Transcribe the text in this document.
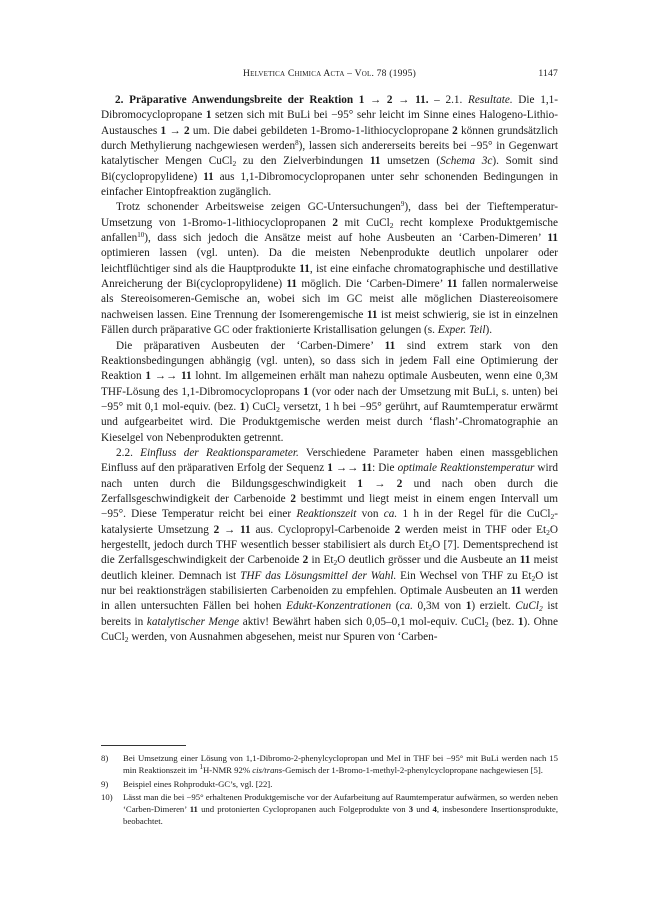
Helvetica Chimica Acta – Vol. 78 (1995)	1147

2. Präparative Anwendungsbreite der Reaktion 1 → 2 → 11. – 2.1. Resultate. Die 1,1-Dibromocyclopropane 1 setzen sich mit BuLi bei −95° sehr leicht im Sinne eines Halogeno-Lithio-Austausches 1 → 2 um. Die dabei gebildeten 1-Bromo-1-lithiocyclopropane 2 können grundsätzlich durch Methylierung nachgewiesen werden$^8$), lassen sich andererseits bereits bei −95° in Gegenwart katalytischer Mengen CuCl$_2$ zu den Zielverbindungen 11 umsetzen (Schema 3c). Somit sind Bi(cyclopropylidene) 11 aus 1,1-Dibromocyclopropanen unter sehr schonenden Bedingungen in einfacher Eintopfreaktion zugänglich.

Trotz schonender Arbeitsweise zeigen GC-Untersuchungen$^9$), dass bei der Tieftemperatur-Umsetzung von 1-Bromo-1-lithiocyclopropanen 2 mit CuCl$_2$ recht komplexe Produktgemische anfallen$^{10}$), dass sich jedoch die Ansätze meist auf hohe Ausbeuten an ‘Carben-Dimeren’ 11 optimieren lassen (vgl. unten). Da die meisten Nebenprodukte deutlich unpolarer oder leichtflüchtiger sind als die Hauptprodukte 11, ist eine einfache chromatographische und destillative Anreicherung der Bi(cyclopropylidene) 11 möglich. Die ‘Carben-Dimere’ 11 fallen normalerweise als Stereoisomeren-Gemische an, wobei sich im GC meist alle möglichen Diastereoisomere nachweisen lassen. Eine Trennung der Isomerengemische 11 ist meist schwierig, sie ist in einzelnen Fällen durch präparative GC oder fraktionierte Kristallisation gelungen (s. Exper. Teil).

Die präparativen Ausbeuten der ‘Carben-Dimere’ 11 sind extrem stark von den Reaktionsbedingungen abhängig (vgl. unten), so dass sich in jedem Fall eine Optimierung der Reaktion 1 →→ 11 lohnt. Im allgemeinen erhält man nahezu optimale Ausbeuten, wenn eine 0,3M THF-Lösung des 1,1-Dibromocyclopropans 1 (vor oder nach der Umsetzung mit BuLi, s. unten) bei −95° mit 0,1 mol-equiv. (bez. 1) CuCl$_2$ versetzt, 1 h bei −95° gerührt, auf Raumtemperatur erwärmt und aufgearbeitet wird. Die Produktgemische werden meist durch ‘flash’-Chromatographie an Kieselgel von Nebenprodukten getrennt.

2.2. Einfluss der Reaktionsparameter. Verschiedene Parameter haben einen massgeblichen Einfluss auf den präparativen Erfolg der Sequenz 1 →→ 11: Die optimale Reaktionstemperatur wird nach unten durch die Bildungsgeschwindigkeit 1 → 2 und nach oben durch die Zerfallsgeschwindigkeit der Carbenoide 2 bestimmt und liegt meist in einem engen Intervall um −95°. Diese Temperatur reicht bei einer Reaktionszeit von ca. 1 h in der Regel für die CuCl$_2$-katalysierte Umsetzung 2 → 11 aus. Cyclopropyl-Carbenoide 2 werden meist in THF oder $Et_2O$ hergestellt, jedoch durch THF wesentlich besser stabilisiert als durch $Et_2O$ [7]. Dementsprechend ist die Zerfallsgeschwindigkeit der Carbenoide 2 in $Et_2O$ deutlich grösser und die Ausbeute an 11 meist deutlich kleiner. Demnach ist THF das Lösungsmittel der Wahl. Ein Wechsel von THF zu $Et_2O$ ist nur bei reaktionsträgen stabilisierten Carbenoiden zu empfehlen. Optimale Ausbeuten an 11 werden in allen untersuchten Fällen bei hohen Edukt-Konzentrationen (ca. 0,3M von 1) erzielt. CuCl$_2$ ist bereits in katalytischer Menge aktiv! Bewährt haben sich 0,05–0,1 mol-equiv. CuCl$_2$ (bez. 1). Ohne CuCl$_2$ werden, von Ausnahmen abgesehen, meist nur Spuren von ‘Carben-

8) Bei Umsetzung einer Lösung von 1,1-Dibromo-2-phenylcyclopropan und MeI in THF bei −95° mit BuLi werden nach 15 min Reaktionszeit im $^1$H-NMR 92% cis/trans-Gemisch der 1-Bromo-1-methyl-2-phenylcyclopropane nachgewiesen [5].
9) Beispiel eines Rohprodukt-GC’s, vgl. [22].
10) Lässt man die bei −95° erhaltenen Produktgemische vor der Aufarbeitung auf Raumtemperatur aufwärmen, so werden neben ‘Carben-Dimeren’ 11 und protonierten Cyclopropanen auch Folgeprodukte von 3 und 4, insbesondere Insertionsprodukte, beobachtet.
